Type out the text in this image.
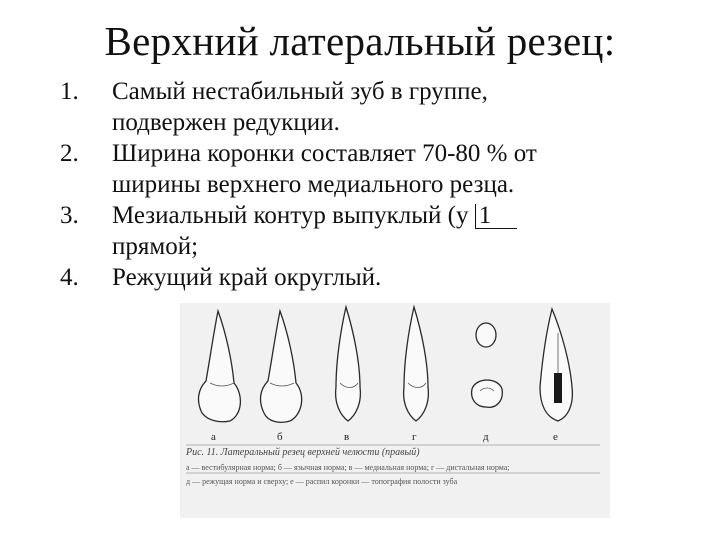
Верхний латеральный резец:
1. Самый нестабильный зуб в группе,
подвержен редукции.
2. Ширина коронки составляет 70-80 % от
ширины верхнего медиального резца.
3. Мезиальный контур выпуклый (у 1
прямой;
4. Режущий край округлый.
а	б	в	г	д	е
Рис. 11. Латеральный резец верхней челюсти (правый)
а — вестибулярная норма; б — язычная норма; в — медиальная норма; г — дистальная норма;
д — режущая норма и сверху; е — распил коронки — топография полости зуба
